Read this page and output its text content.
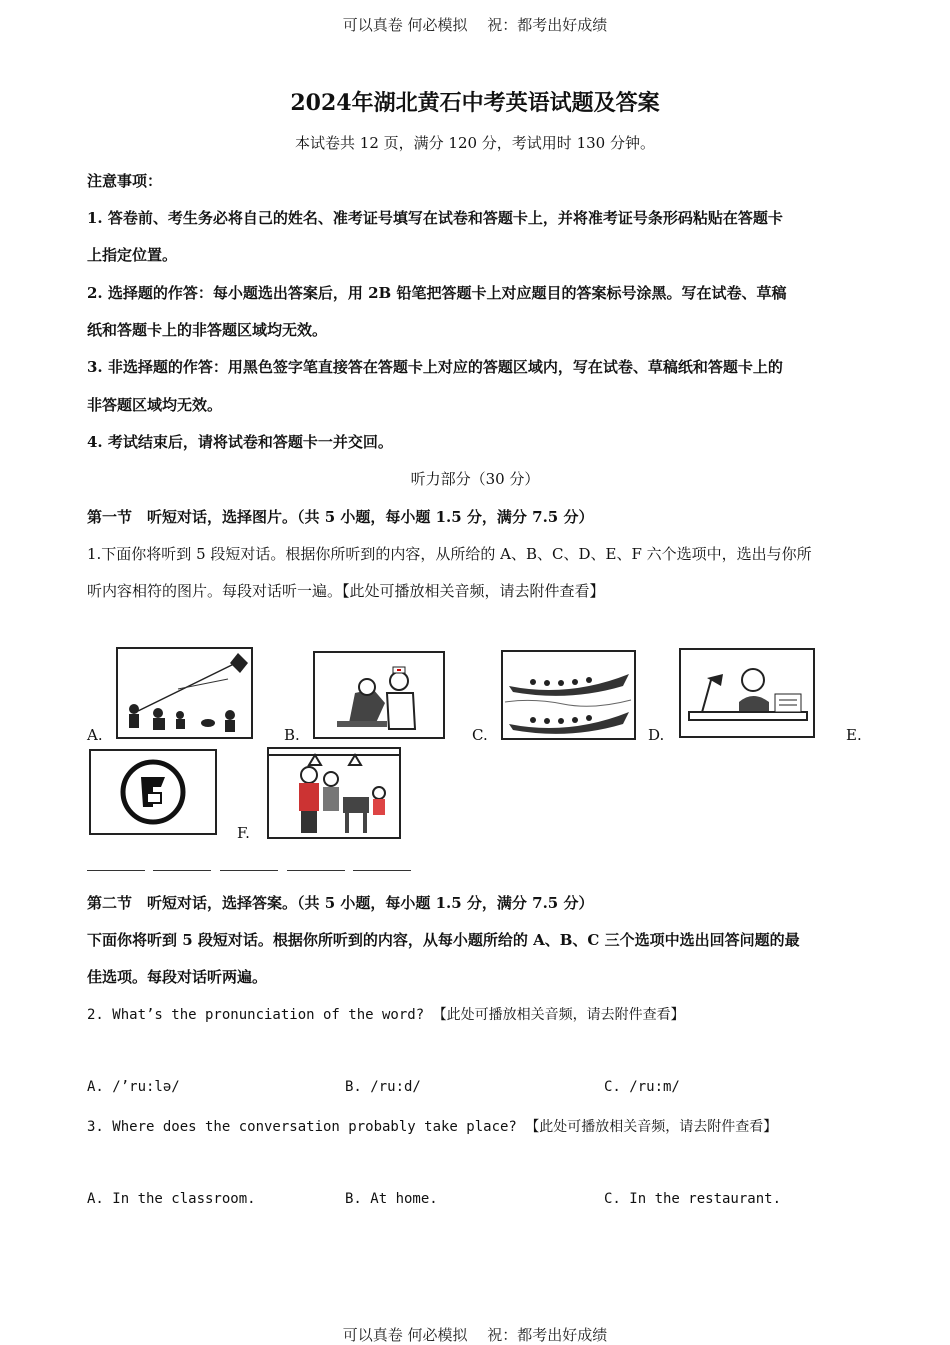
可以真卷 何必模拟　 祝：都考出好成绩
2024年湖北黄石中考英语试题及答案
本试卷共 12 页，满分 120 分，考试用时 130 分钟。
注意事项：
1. 答卷前、考生务必将自己的姓名、准考证号填写在试卷和答题卡上，并将准考证号条形码粘贴在答题卡
上指定位置。
2. 选择题的作答：每小题选出答案后，用 2B 铅笔把答题卡上对应题目的答案标号涂黑。写在试卷、草稿
纸和答题卡上的非答题区域均无效。
3. 非选择题的作答：用黑色签字笔直接答在答题卡上对应的答题区域内，写在试卷、草稿纸和答题卡上的
非答题区域均无效。
4. 考试结束后，请将试卷和答题卡一并交回。
听力部分（30 分）
第一节　听短对话，选择图片。（共 5 小题，每小题 1.5 分，满分 7.5 分）
1.下面你将听到 5 段短对话。根据你所听到的内容，从所给的 A、B、C、D、E、F 六个选项中，选出与你所
听内容相符的图片。每段对话听一遍。【此处可播放相关音频，请去附件查看】
A.	B.	C.	D.	E.
F.
第二节　听短对话，选择答案。（共 5 小题，每小题 1.5 分，满分 7.5 分）
下面你将听到 5 段短对话。根据你所听到的内容，从每小题所给的 A、B、C 三个选项中选出回答问题的最
佳选项。每段对话听两遍。
2. What’s the pronunciation of the word? 【此处可播放相关音频，请去附件查看】
A. /’ru:lə/	B. /ru:d/	C. /ru:m/
3. Where does the conversation probably take place? 【此处可播放相关音频，请去附件查看】
A. In the classroom.	B. At home.	C. In the restaurant.
可以真卷 何必模拟　 祝：都考出好成绩
